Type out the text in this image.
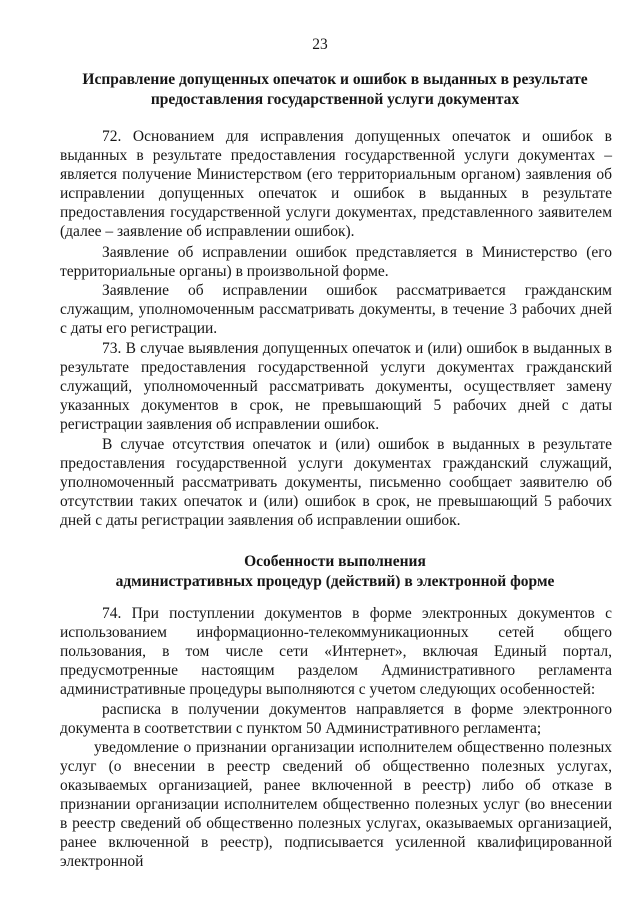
23
Исправление допущенных опечаток и ошибок в выданных в результате
предоставления государственной услуги документах
72. Основанием для исправления допущенных опечаток и ошибок в выданных в результате предоставления государственной услуги документах – является получение Министерством (его территориальным органом) заявления об исправлении допущенных опечаток и ошибок в выданных в результате предоставления государственной услуги документах, представленного заявителем (далее – заявление об исправлении ошибок).
Заявление об исправлении ошибок представляется в Министерство (его территориальные органы) в произвольной форме.
Заявление об исправлении ошибок рассматривается гражданским служащим, уполномоченным рассматривать документы, в течение 3 рабочих дней с даты его регистрации.
73. В случае выявления допущенных опечаток и (или) ошибок в выданных в результате предоставления государственной услуги документах гражданский служащий, уполномоченный рассматривать документы, осуществляет замену указанных документов в срок, не превышающий 5 рабочих дней с даты регистрации заявления об исправлении ошибок.
В случае отсутствия опечаток и (или) ошибок в выданных в результате предоставления государственной услуги документах гражданский служащий, уполномоченный рассматривать документы, письменно сообщает заявителю об отсутствии таких опечаток и (или) ошибок в срок, не превышающий 5 рабочих дней с даты регистрации заявления об исправлении ошибок.
Особенности выполнения
административных процедур (действий) в электронной форме
74. При поступлении документов в форме электронных документов с использованием информационно-телекоммуникационных сетей общего пользования, в том числе сети «Интернет», включая Единый портал, предусмотренные настоящим разделом Административного регламента административные процедуры выполняются с учетом следующих особенностей:
расписка в получении документов направляется в форме электронного документа в соответствии с пунктом 50 Административного регламента;
уведомление о признании организации исполнителем общественно полезных услуг (о внесении в реестр сведений об общественно полезных услугах, оказываемых организацией, ранее включенной в реестр) либо об отказе в признании организации исполнителем общественно полезных услуг (во внесении в реестр сведений об общественно полезных услугах, оказываемых организацией, ранее включенной в реестр), подписывается усиленной квалифицированной электронной
